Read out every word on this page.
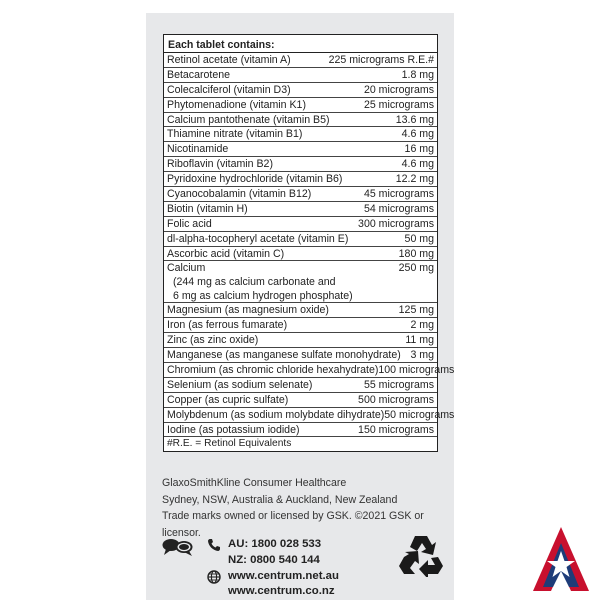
Each tablet contains:
Retinol acetate (vitamin A)	225 micrograms R.E.#
Betacarotene	1.8 mg
Colecalciferol (vitamin D3)	20 micrograms
Phytomenadione (vitamin K1)	25 micrograms
Calcium pantothenate (vitamin B5)	13.6 mg
Thiamine nitrate (vitamin B1)	4.6 mg
Nicotinamide	16 mg
Riboflavin (vitamin B2)	4.6 mg
Pyridoxine hydrochloride (vitamin B6)	12.2 mg
Cyanocobalamin (vitamin B12)	45 micrograms
Biotin (vitamin H)	54 micrograms
Folic acid	300 micrograms
dl-alpha-tocopheryl acetate (vitamin E)	50 mg
Ascorbic acid (vitamin C)	180 mg
Calcium	250 mg
(244 mg as calcium carbonate and
6 mg as calcium hydrogen phosphate)
Magnesium (as magnesium oxide)	125 mg
Iron (as ferrous fumarate)	2 mg
Zinc (as zinc oxide)	11 mg
Manganese (as manganese sulfate monohydrate) 3 mg
Chromium (as chromic chloride hexahydrate) 100 micrograms
Selenium (as sodium selenate)	55 micrograms
Copper (as cupric sulfate)	500 micrograms
Molybdenum (as sodium molybdate dihydrate) 50 micrograms
Iodine (as potassium iodide)	150 micrograms
#R.E. = Retinol Equivalents
GlaxoSmithKline Consumer Healthcare
Sydney, NSW, Australia & Auckland, New Zealand
Trade marks owned or licensed by GSK. ©2021 GSK or licensor.
AU: 1800 028 533
NZ: 0800 540 144
www.centrum.net.au
www.centrum.co.nz
